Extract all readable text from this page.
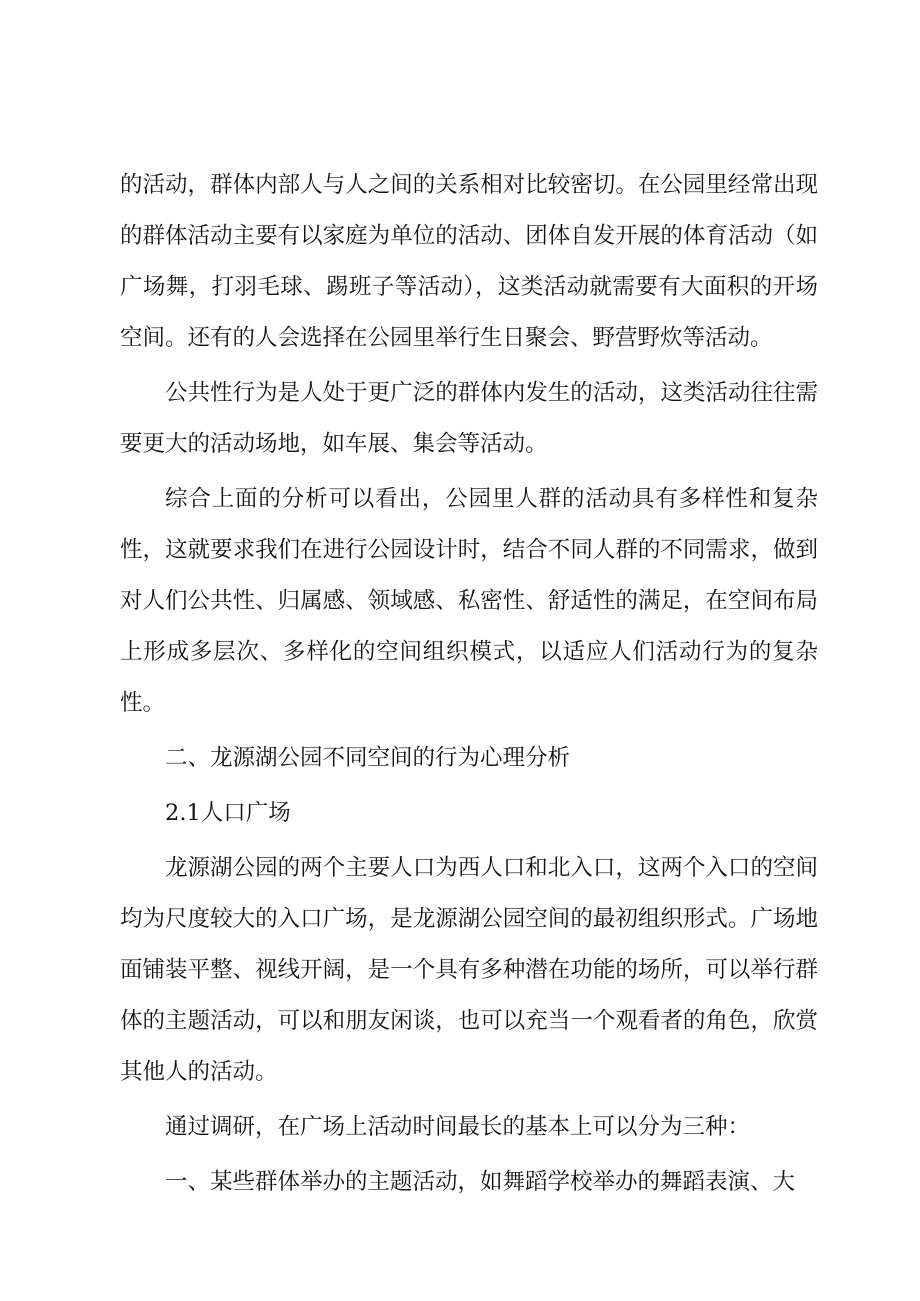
的活动，群体内部人与人之间的关系相对比较密切。在公园里经常出现的群体活动主要有以家庭为单位的活动、团体自发开展的体育活动（如广场舞，打羽毛球、踢班子等活动），这类活动就需要有大面积的开场空间。还有的人会选择在公园里举行生日聚会、野营野炊等活动。

公共性行为是人处于更广泛的群体内发生的活动，这类活动往往需要更大的活动场地，如车展、集会等活动。

综合上面的分析可以看出，公园里人群的活动具有多样性和复杂性，这就要求我们在进行公园设计时，结合不同人群的不同需求，做到对人们公共性、归属感、领域感、私密性、舒适性的满足，在空间布局上形成多层次、多样化的空间组织模式，以适应人们活动行为的复杂性。

二、龙源湖公园不同空间的行为心理分析

2.1人口广场

龙源湖公园的两个主要人口为西人口和北入口，这两个入口的空间均为尺度较大的入口广场，是龙源湖公园空间的最初组织形式。广场地面铺装平整、视线开阔，是一个具有多种潜在功能的场所，可以举行群体的主题活动，可以和朋友闲谈，也可以充当一个观看者的角色，欣赏其他人的活动。

通过调研，在广场上活动时间最长的基本上可以分为三种：

一、某些群体举办的主题活动，如舞蹈学校举办的舞蹈表演、大
